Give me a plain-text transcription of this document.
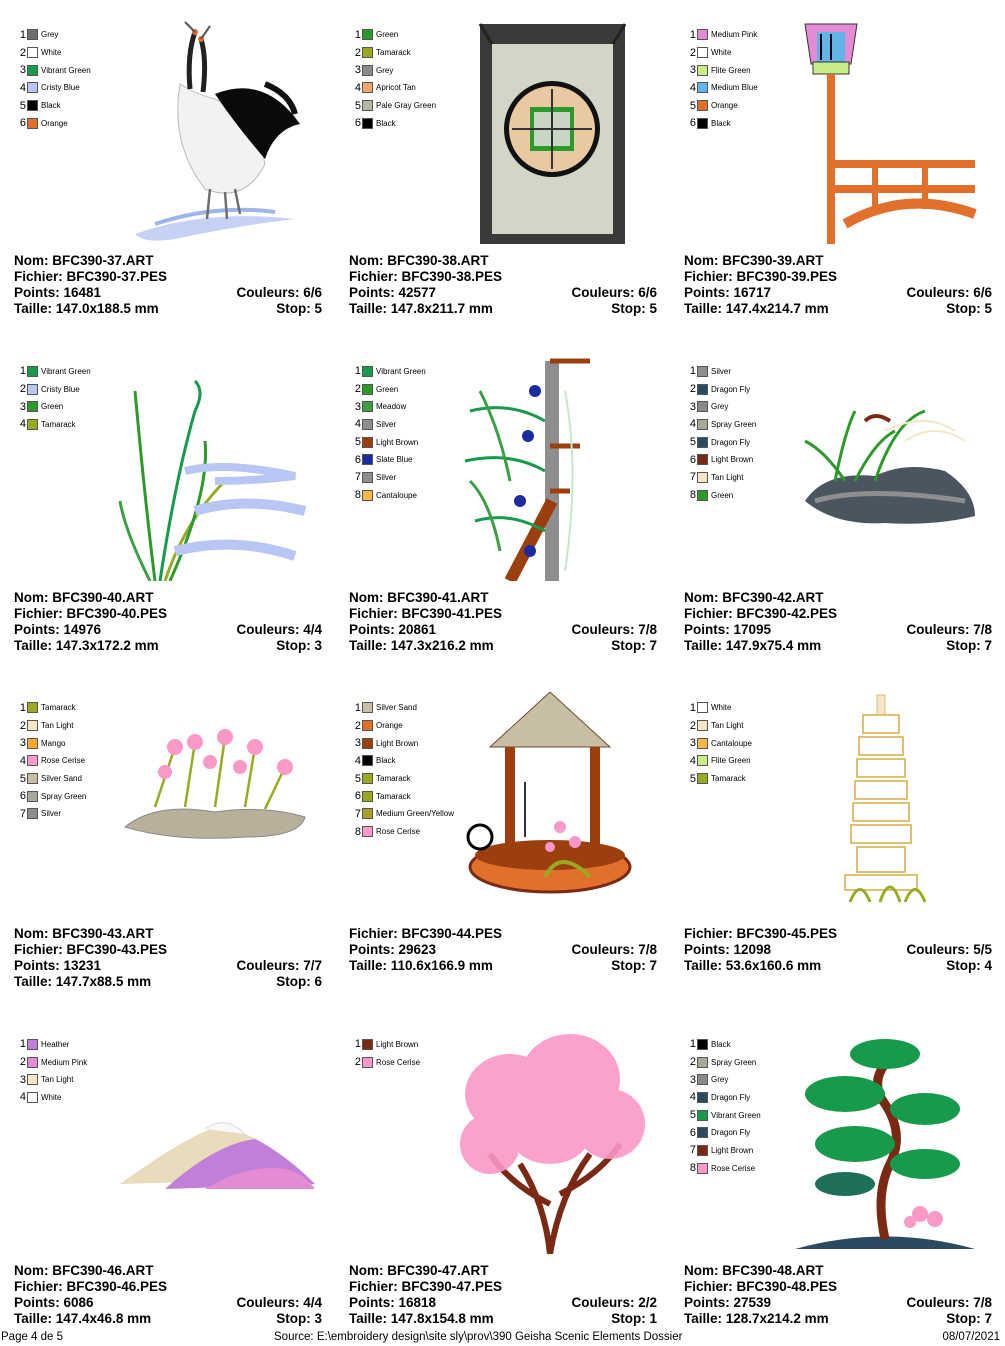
1 Grey
2 White
3 Vibrant Green
4 Cristy Blue
5 Black
6 Orange
Nom: BFC390-37.ART
Fichier: BFC390-37.PES
Points: 16481	Couleurs: 6/6
Taille: 147.0x188.5 mm	Stop: 5
1 Green
2 Tamarack
3 Grey
4 Apricot Tan
5 Pale Gray Green
6 Black
Nom: BFC390-38.ART
Fichier: BFC390-38.PES
Points: 42577	Couleurs: 6/6
Taille: 147.8x211.7 mm	Stop: 5
1 Medium Pink
2 White
3 Flite Green
4 Medium Blue
5 Orange
6 Black
Nom: BFC390-39.ART
Fichier: BFC390-39.PES
Points: 16717	Couleurs: 6/6
Taille: 147.4x214.7 mm	Stop: 5
1 Vibrant Green
2 Cristy Blue
3 Green
4 Tamarack
Nom: BFC390-40.ART
Fichier: BFC390-40.PES
Points: 14976	Couleurs: 4/4
Taille: 147.3x172.2 mm	Stop: 3
1 Vibrant Green
2 Green
3 Meadow
4 Silver
5 Light Brown
6 Slate Blue
7 Silver
8 Cantaloupe
Nom: BFC390-41.ART
Fichier: BFC390-41.PES
Points: 20861	Couleurs: 7/8
Taille: 147.3x216.2 mm	Stop: 7
1 Silver
2 Dragon Fly
3 Grey
4 Spray Green
5 Dragon Fly
6 Light Brown
7 Tan Light
8 Green
Nom: BFC390-42.ART
Fichier: BFC390-42.PES
Points: 17095	Couleurs: 7/8
Taille: 147.9x75.4 mm	Stop: 7
1 Tamarack
2 Tan Light
3 Mango
4 Rose Cerise
5 Silver Sand
6 Spray Green
7 Silver
Nom: BFC390-43.ART
Fichier: BFC390-43.PES
Points: 13231	Couleurs: 7/7
Taille: 147.7x88.5 mm	Stop: 6
1 Silver Sand
2 Orange
3 Light Brown
4 Black
5 Tamarack
6 Tamarack
7 Medium Green/Yellow
8 Rose Cerise
Fichier: BFC390-44.PES
Points: 29623	Couleurs: 7/8
Taille: 110.6x166.9 mm	Stop: 7
1 White
2 Tan Light
3 Cantaloupe
4 Flite Green
5 Tamarack
Fichier: BFC390-45.PES
Points: 12098	Couleurs: 5/5
Taille: 53.6x160.6 mm	Stop: 4
1 Heather
2 Medium Pink
3 Tan Light
4 White
Nom: BFC390-46.ART
Fichier: BFC390-46.PES
Points: 6086	Couleurs: 4/4
Taille: 147.4x46.8 mm	Stop: 3
1 Light Brown
2 Rose Cerise
Nom: BFC390-47.ART
Fichier: BFC390-47.PES
Points: 16818	Couleurs: 2/2
Taille: 147.8x154.8 mm	Stop: 1
1 Black
2 Spray Green
3 Grey
4 Dragon Fly
5 Vibrant Green
6 Dragon Fly
7 Light Brown
8 Rose Cerise
Nom: BFC390-48.ART
Fichier: BFC390-48.PES
Points: 27539	Couleurs: 7/8
Taille: 128.7x214.2 mm	Stop: 7
Page 4 de 5	Source: E:\embroidery design\site sly\prov\390 Geisha Scenic Elements Dossier	08/07/2021
